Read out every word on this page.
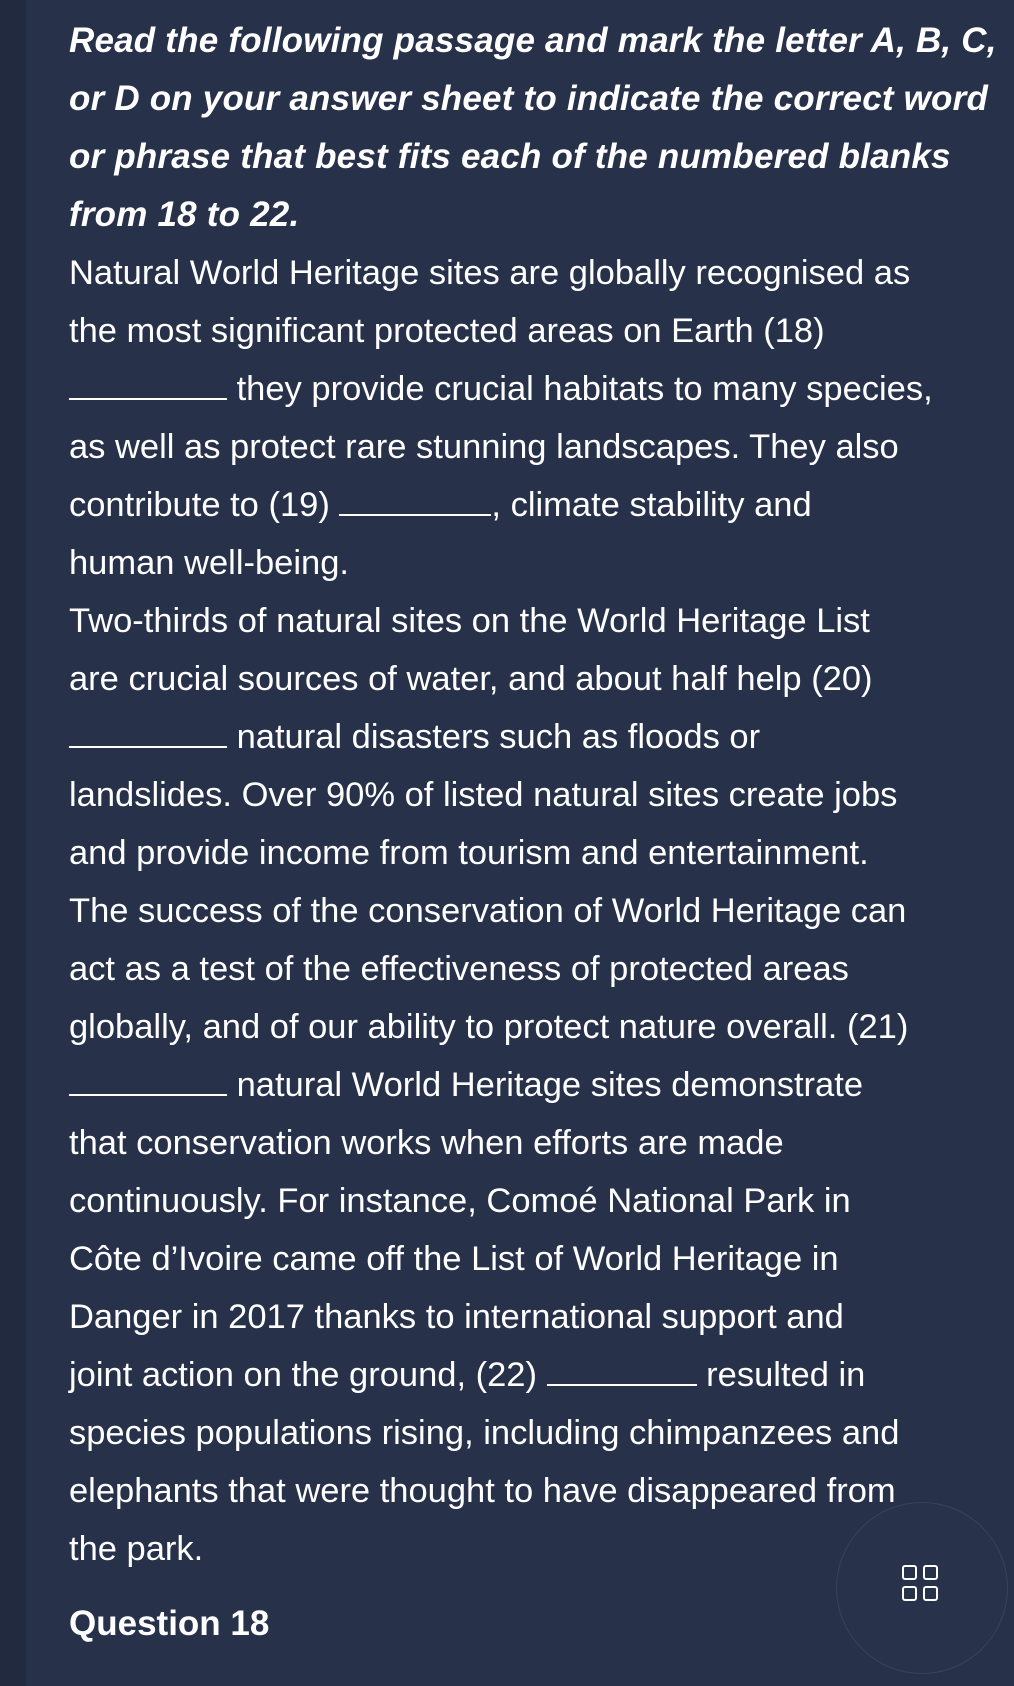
Read the following passage and mark the letter A, B, C,
or D on your answer sheet to indicate the correct word
or phrase that best fits each of the numbered blanks
from 18 to 22.

Natural World Heritage sites are globally recognised as

the most significant protected areas on Earth (18)

they provide crucial habitats to many species,

as well as protect rare stunning landscapes. They also

contribute to (19)	, climate stability and

human well-being.

Two-thirds of natural sites on the World Heritage List

are crucial sources of water, and about half help (20)

natural disasters such as floods or

landslides. Over 90% of listed natural sites create jobs

and provide income from tourism and entertainment.

The success of the conservation of World Heritage can

act as a test of the effectiveness of protected areas

globally, and of our ability to protect nature overall. (21)

natural World Heritage sites demonstrate

that conservation works when efforts are made

continuously. For instance, Comoé National Park in

Côte d’Ivoire came off the List of World Heritage in

Danger in 2017 thanks to international support and

joint action on the ground, (22)	resulted in

species populations rising, including chimpanzees and

elephants that were thought to have disappeared from

the park.

Question 18
